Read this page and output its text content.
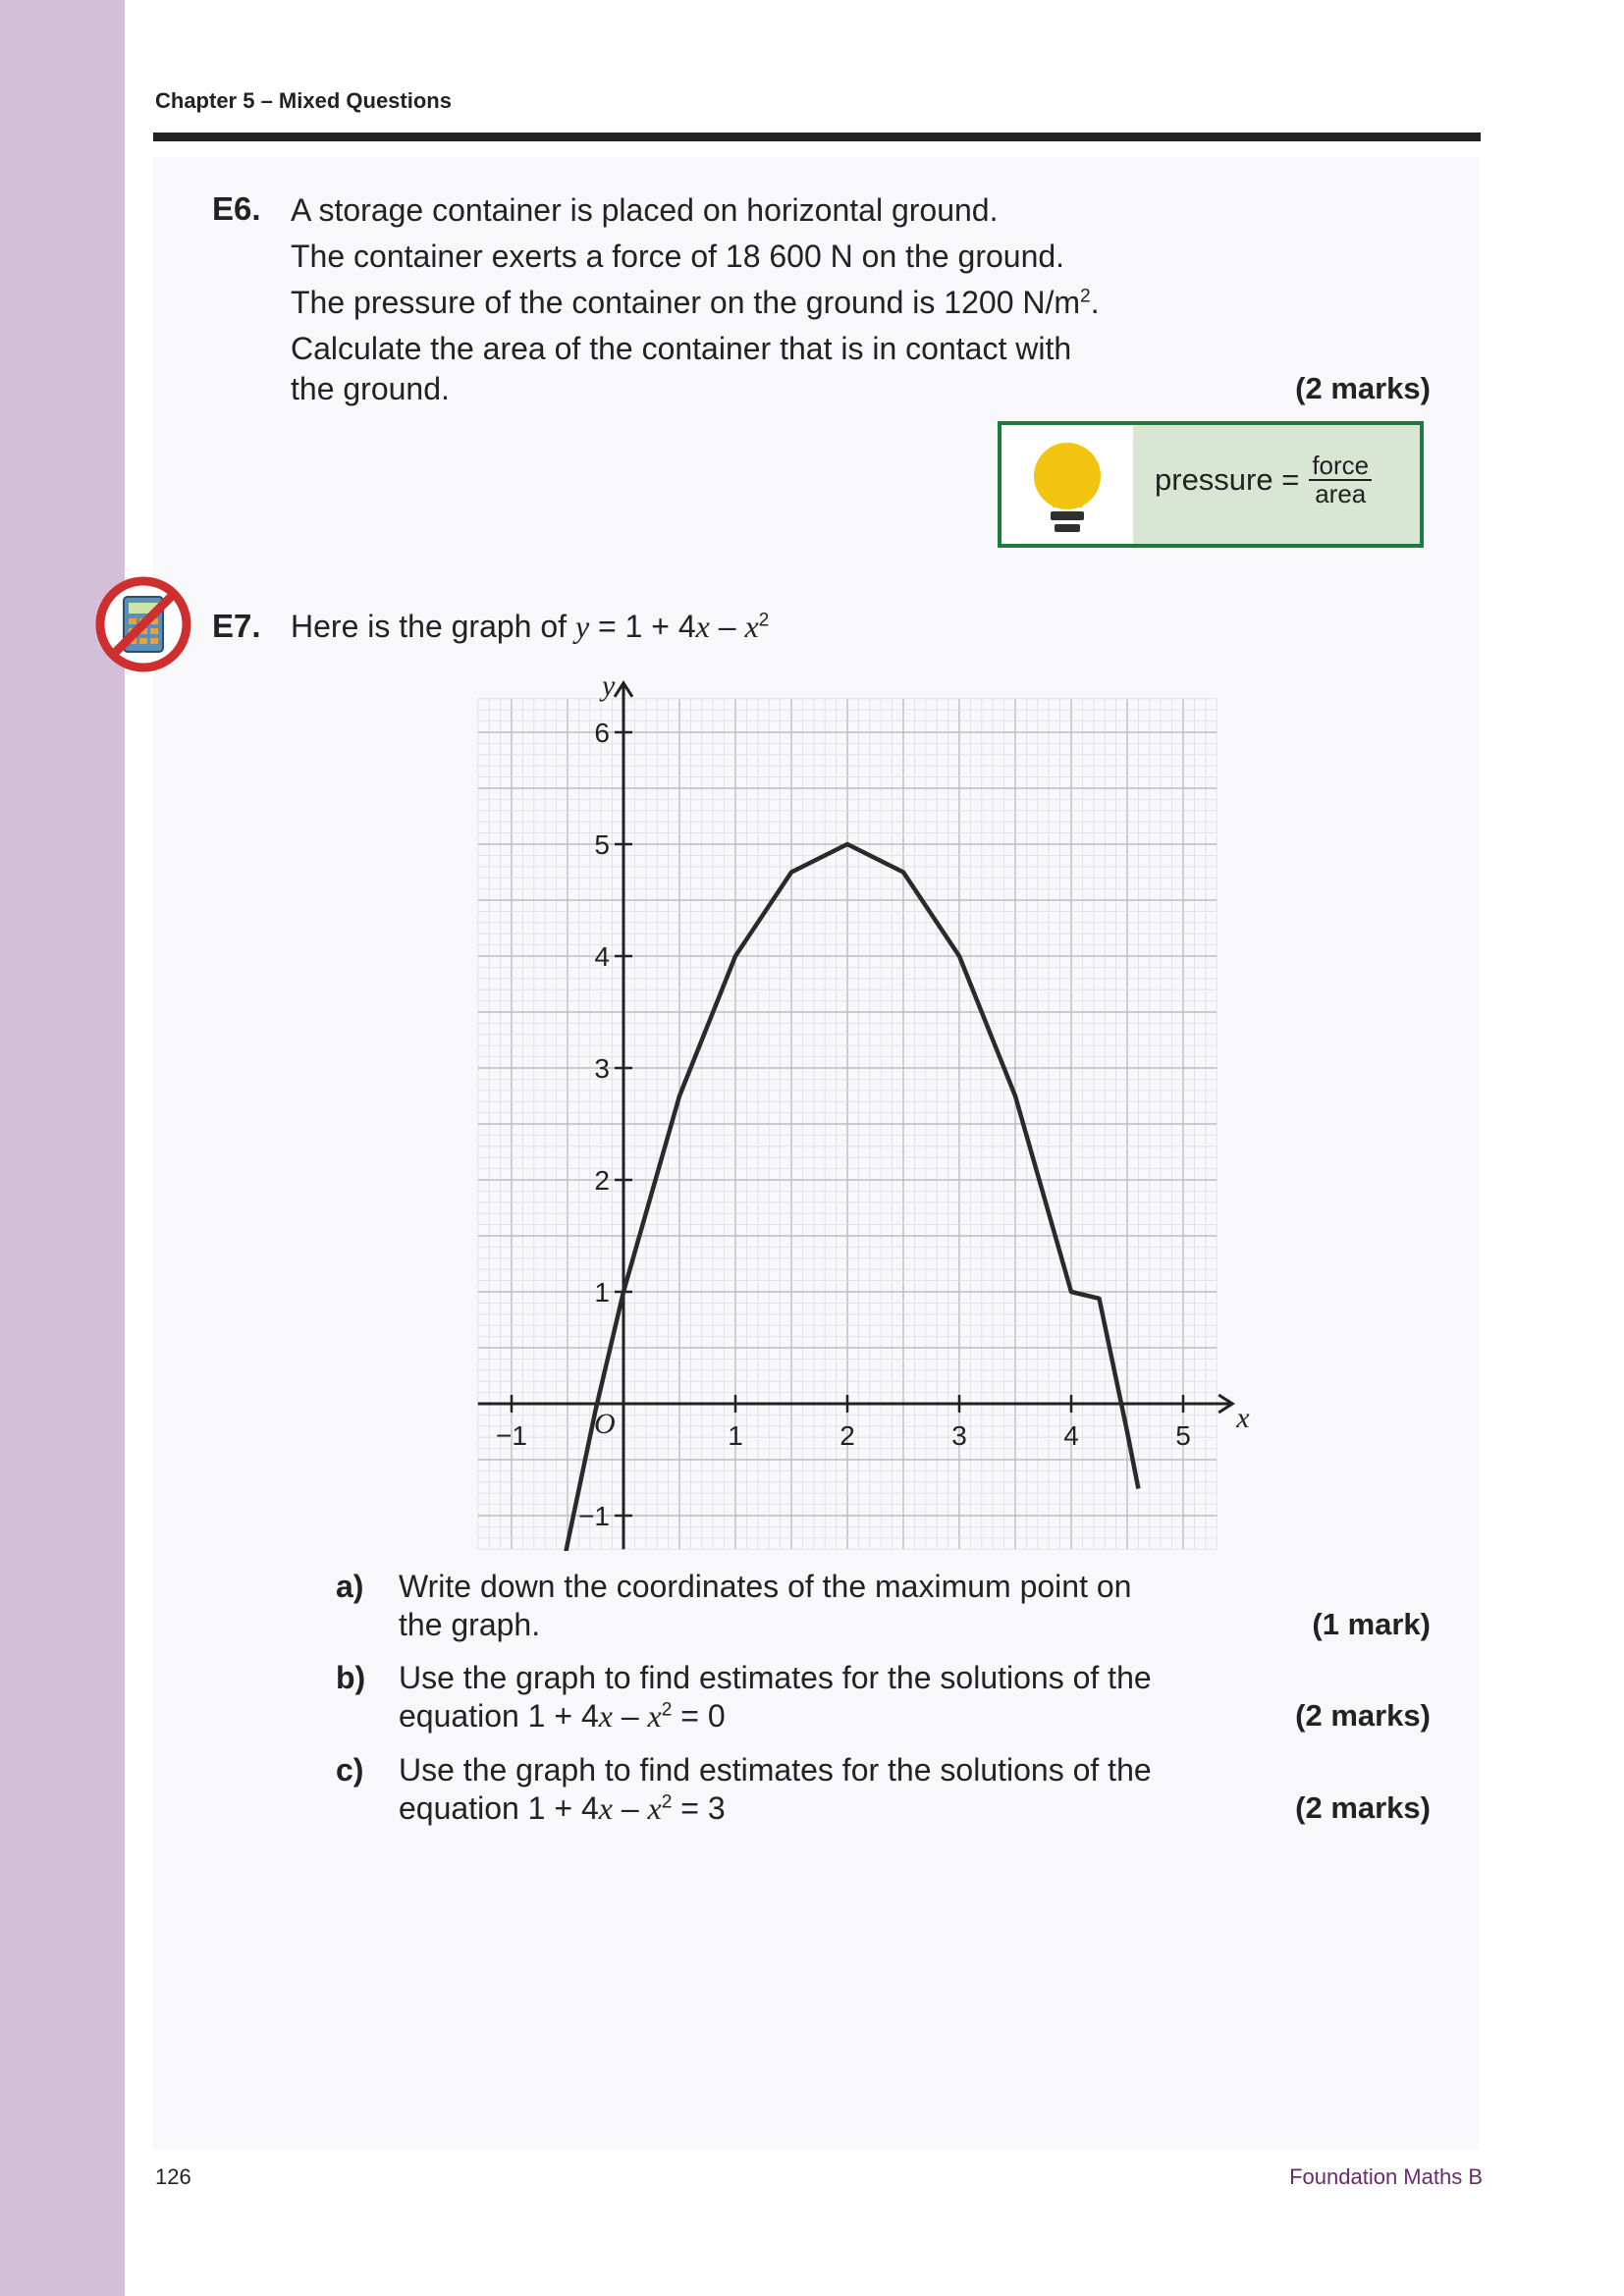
Chapter 5 – Mixed Questions
E6. A storage container is placed on horizontal ground.
The container exerts a force of 18 600 N on the ground.
The pressure of the container on the ground is 1200 $N/m^2$.
Calculate the area of the container that is in contact with
the ground.	(2 marks)
pressure = $\frac{\text{force}}{\text{area}}$
E7. Here is the graph of $y = 1 + 4x - x^2$
−1	1	2	3	4	5
−1
1
2
3
4
5
6
x
y
O
a) Write down the coordinates of the maximum point on
the graph.	(1 mark)
b) Use the graph to find estimates for the solutions of the
equation $1 + 4x - x^2 = 0$	(2 marks)
c) Use the graph to find estimates for the solutions of the
equation $1 + 4x - x^2 = 3$	(2 marks)
126	Foundation Maths B
